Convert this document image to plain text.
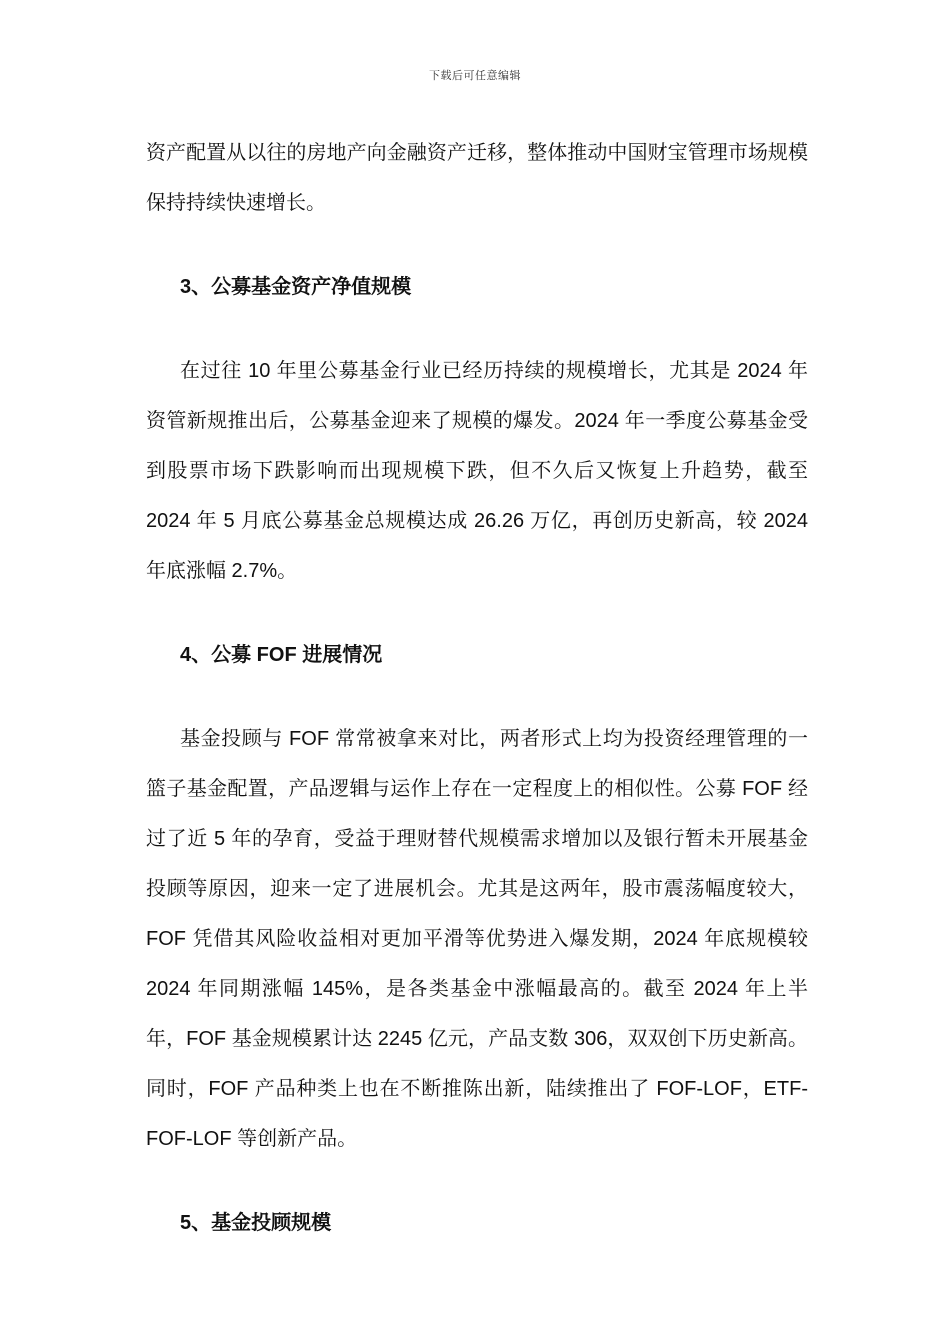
下载后可任意编辑

资产配置从以往的房地产向金融资产迁移，整体推动中国财宝管理市场规模保持持续快速增长。

3、公募基金资产净值规模

在过往 10 年里公募基金行业已经历持续的规模增长，尤其是 2024 年资管新规推出后，公募基金迎来了规模的爆发。2024 年一季度公募基金受到股票市场下跌影响而出现规模下跌，但不久后又恢复上升趋势，截至 2024 年 5 月底公募基金总规模达成 26.26 万亿，再创历史新高，较 2024 年底涨幅 2.7%。

4、公募 FOF 进展情况

基金投顾与 FOF 常常被拿来对比，两者形式上均为投资经理管理的一篮子基金配置，产品逻辑与运作上存在一定程度上的相似性。公募 FOF 经过了近 5 年的孕育，受益于理财替代规模需求增加以及银行暂未开展基金投顾等原因，迎来一定了进展机会。尤其是这两年，股市震荡幅度较大，FOF 凭借其风险收益相对更加平滑等优势进入爆发期，2024 年底规模较 2024 年同期涨幅 145%，是各类基金中涨幅最高的。截至 2024 年上半年，FOF 基金规模累计达 2245 亿元，产品支数 306，双双创下历史新高。同时，FOF 产品种类上也在不断推陈出新，陆续推出了 FOF-LOF，ETF-FOF-LOF 等创新产品。

5、基金投顾规模
